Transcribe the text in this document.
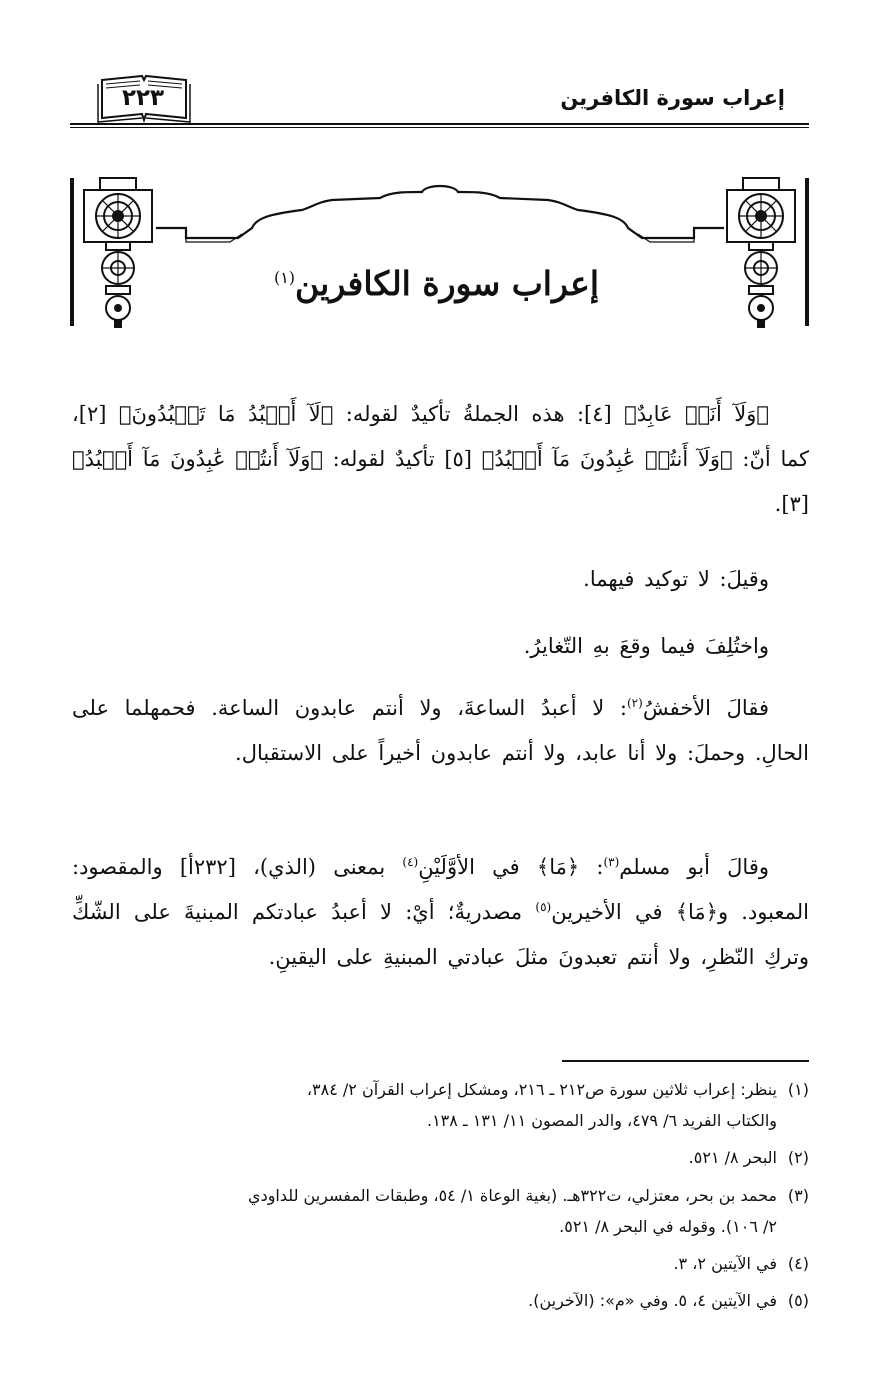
إعراب سورة الكافرين
٢٢٣
إعراب سورة الكافرين$^{(١)}$
﴿وَلَآ أَنَا۠ عَابِدٌ﴾ [٤]: هذه الجملةُ تأكيدٌ لقوله: ﴿لَآ أَعۡبُدُ مَا تَعۡبُدُونَ﴾ [٢]، كما أنّ: ﴿وَلَآ أَنتُمۡ عَٰبِدُونَ مَآ أَعۡبُدُ﴾ [٥] تأكيدٌ لقوله: ﴿وَلَآ أَنتُمۡ عَٰبِدُونَ مَآ أَعۡبُدُ﴾ [٣].
وقيلَ: لا توكيد فيهما.
واختُلِفَ فيما وقعَ بهِ التّغايرُ.
فقالَ الأخفشُ$^{(٢)}$: لا أعبدُ الساعةَ، ولا أنتم عابدون الساعة. فحمهلما على الحالِ. وحملَ: ولا أنا عابد، ولا أنتم عابدون أخيراً على الاستقبال.
وقالَ أبو مسلم$^{(٣)}$: ﴿مَا﴾ في الأوَّلَيْنِ$^{(٤)}$ بمعنى (الذي)، [٢٣٢أ] والمقصود: المعبود. و﴿مَا﴾ في الأخيرين$^{(٥)}$ مصدريةٌ؛ أيْ: لا أعبدُ عبادتكم المبنيةَ على الشّكِّ وتركِ النّظرِ، ولا أنتم تعبدونَ مثلَ عبادتي المبنيةِ على اليقينِ.
(١)ينظر: إعراب ثلاثين سورة ص٢١٢ ـ ٢١٦، ومشكل إعراب القرآن ٢/ ٣٨٤،
والكتاب الفريد ٦/ ٤٧٩، والدر المصون ١١/ ١٣١ ـ ١٣٨.
(٢)البحر ٨/ ٥٢١.
(٣)محمد بن بحر، معتزلي، ت٣٢٢هـ. (بغية الوعاة ١/ ٥٤، وطبقات المفسرين للداودي
٢/ ١٠٦). وقوله في البحر ٨/ ٥٢١.
(٤)في الآيتين ٢، ٣.
(٥)في الآيتين ٤، ٥. وفي «م»: (الآخرين).
